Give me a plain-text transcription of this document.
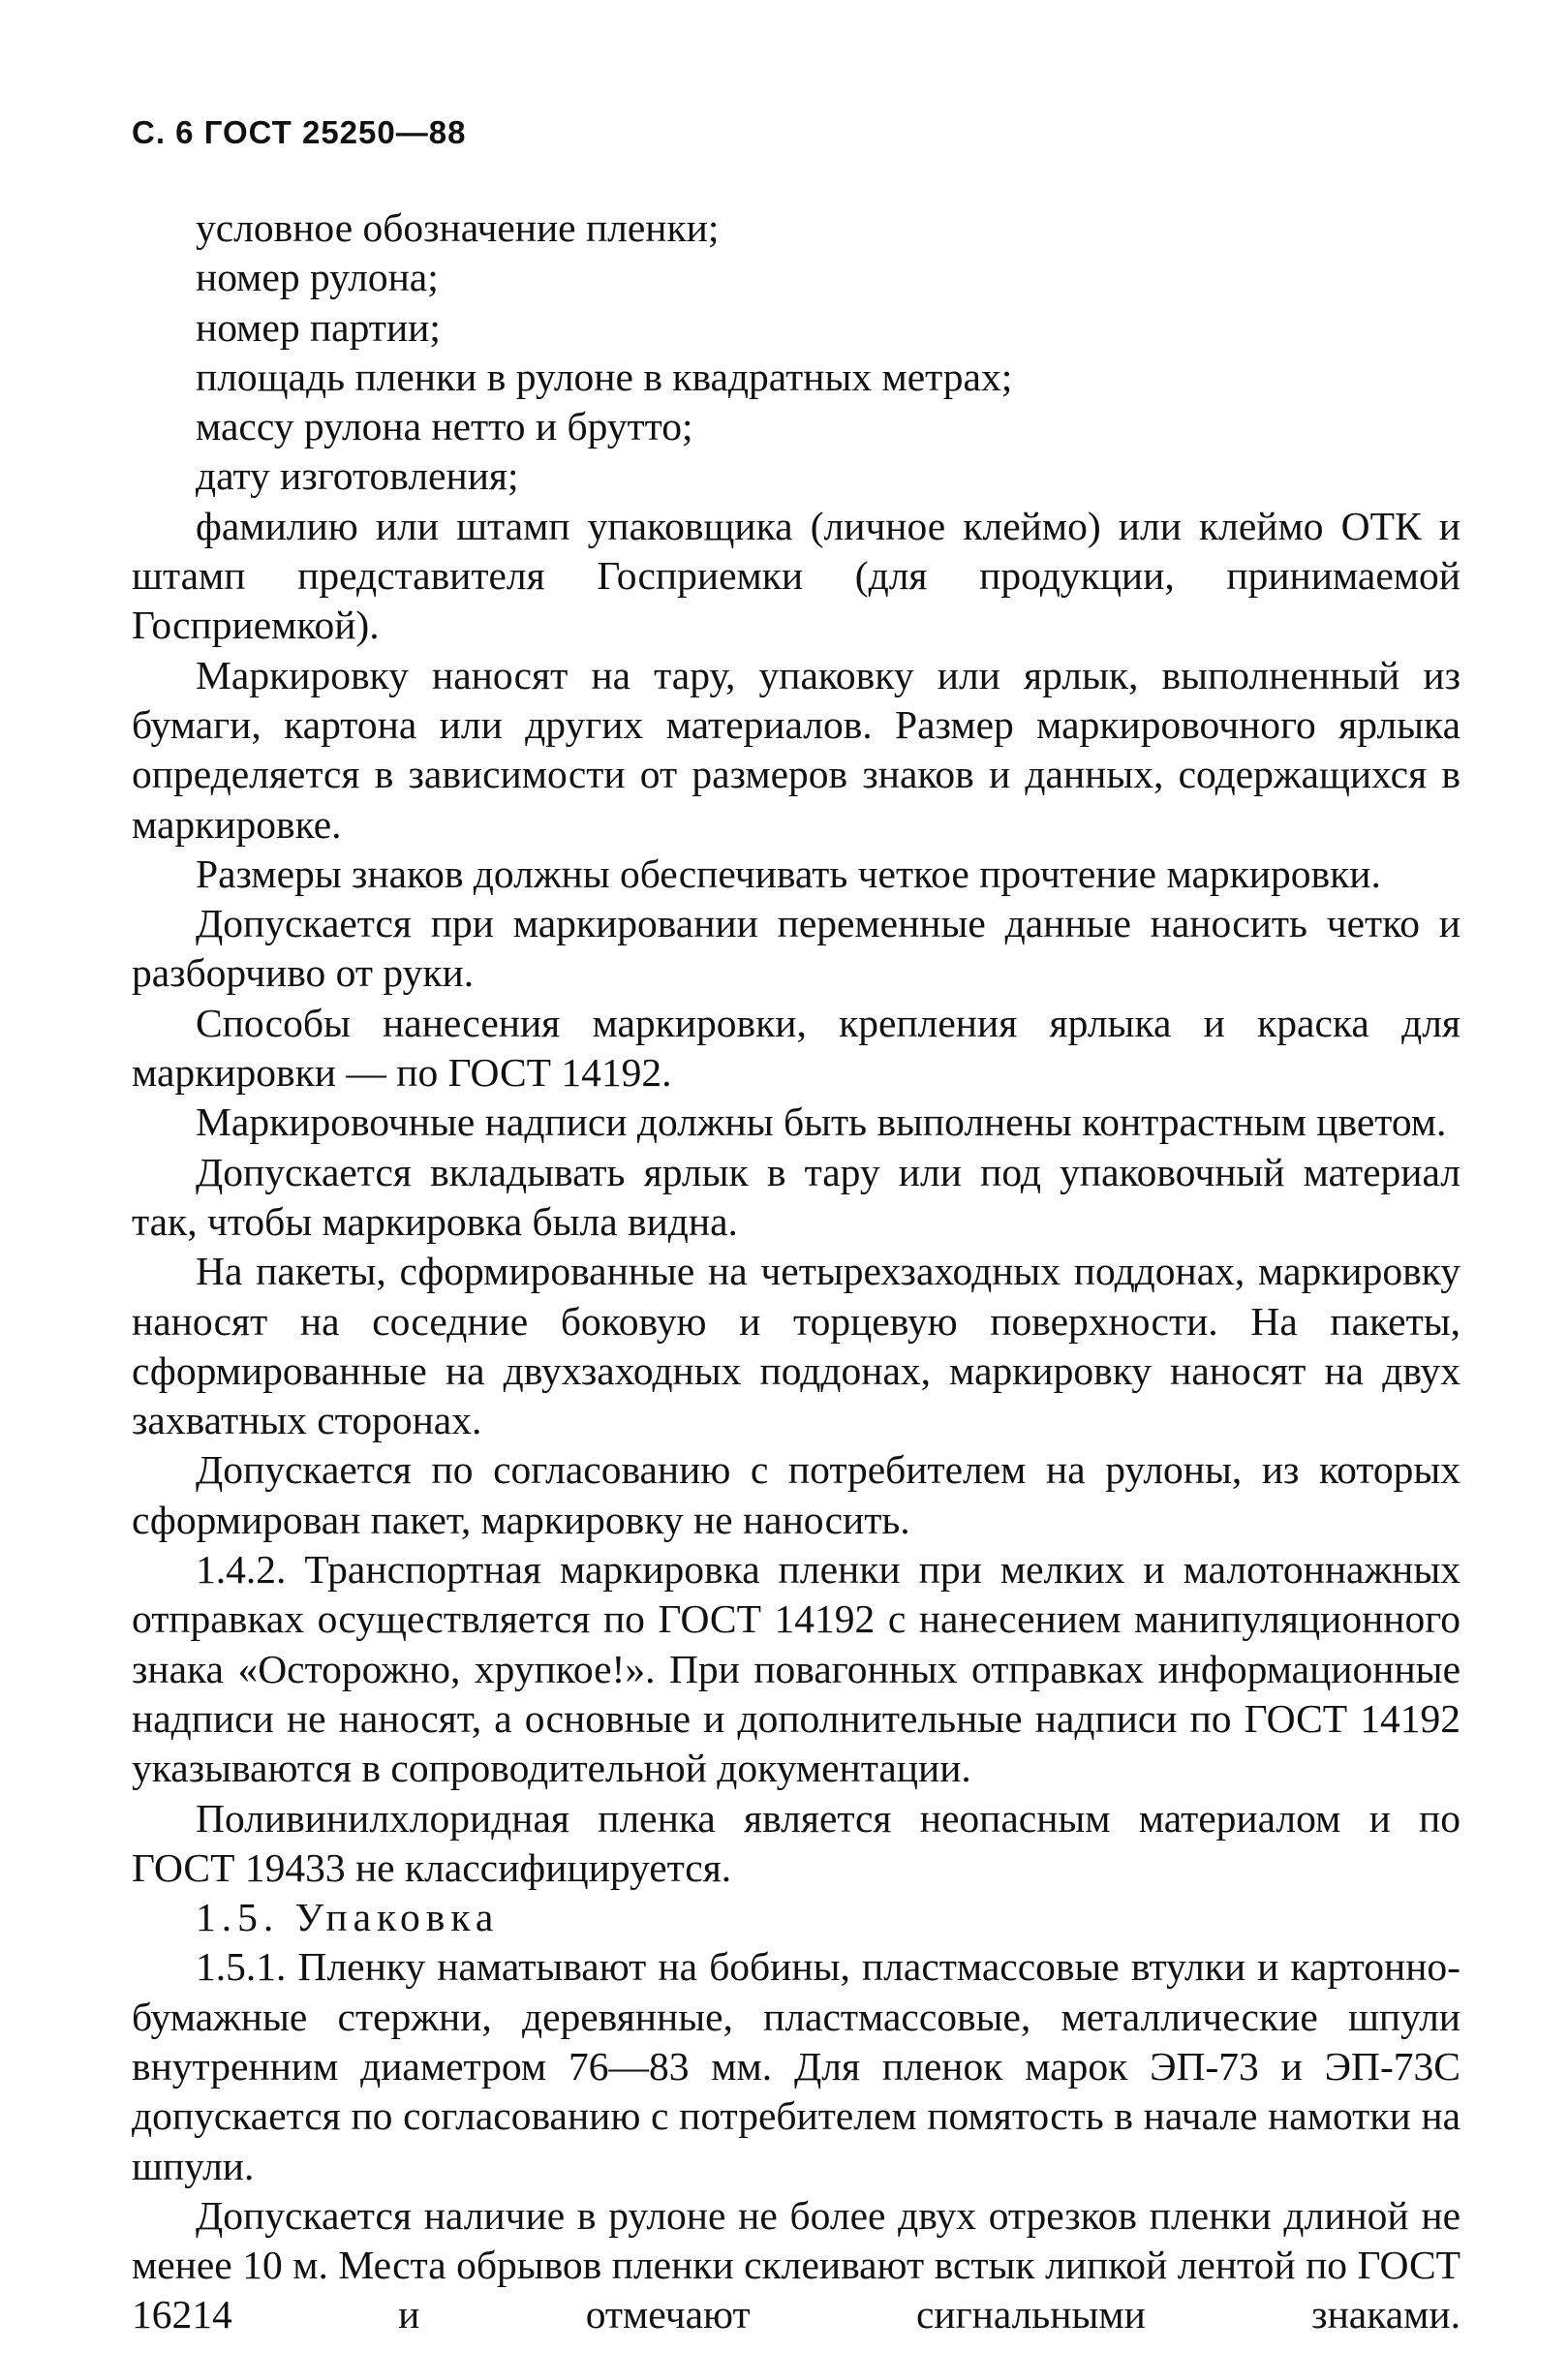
С. 6 ГОСТ 25250—88

условное обозначение пленки;

номер рулона;

номер партии;

площадь пленки в рулоне в квадратных метрах;

массу рулона нетто и брутто;

дату изготовления;

фамилию или штамп упаковщика (личное клеймо) или клеймо ОТК и штамп представителя Госприемки (для продукции, принимаемой Госприемкой).

Маркировку наносят на тару, упаковку или ярлык, выполненный из бумаги, картона или других материалов. Размер маркировочного ярлыка определяется в зависимости от размеров знаков и данных, содержащихся в маркировке.

Размеры знаков должны обеспечивать четкое прочтение маркировки.

Допускается при маркировании переменные данные наносить четко и разборчиво от руки.

Способы нанесения маркировки, крепления ярлыка и краска для маркировки — по ГОСТ 14192.

Маркировочные надписи должны быть выполнены контрастным цветом.

Допускается вкладывать ярлык в тару или под упаковочный материал так, чтобы маркировка была видна.

На пакеты, сформированные на четырехзаходных поддонах, маркировку наносят на соседние боковую и торцевую поверхности. На пакеты, сформированные на двухзаходных поддонах, маркировку наносят на двух захватных сторонах.

Допускается по согласованию с потребителем на рулоны, из которых сформирован пакет, маркировку не наносить.

1.4.2. Транспортная маркировка пленки при мелких и малотоннажных отправках осуществляется по ГОСТ 14192 с нанесением манипуляционного знака «Осторожно, хрупкое!». При повагонных отправках информационные надписи не наносят, а основные и дополнительные надписи по ГОСТ 14192 указываются в сопроводительной документации.

Поливинилхлоридная пленка является неопасным материалом и по ГОСТ 19433 не классифицируется.

1.5. Упаковка

1.5.1. Пленку наматывают на бобины, пластмассовые втулки и картонно-бумажные стержни, деревянные, пластмассовые, металлические шпули внутренним диаметром 76—83 мм. Для пленок марок ЭП-73 и ЭП-73С допускается по согласованию с потребителем помятость в начале намотки на шпули.

Допускается наличие в рулоне не более двух отрезков пленки длиной не менее 10 м. Места обрывов пленки склеивают встык липкой лентой по ГОСТ 16214 и отмечают сигнальными знаками.
